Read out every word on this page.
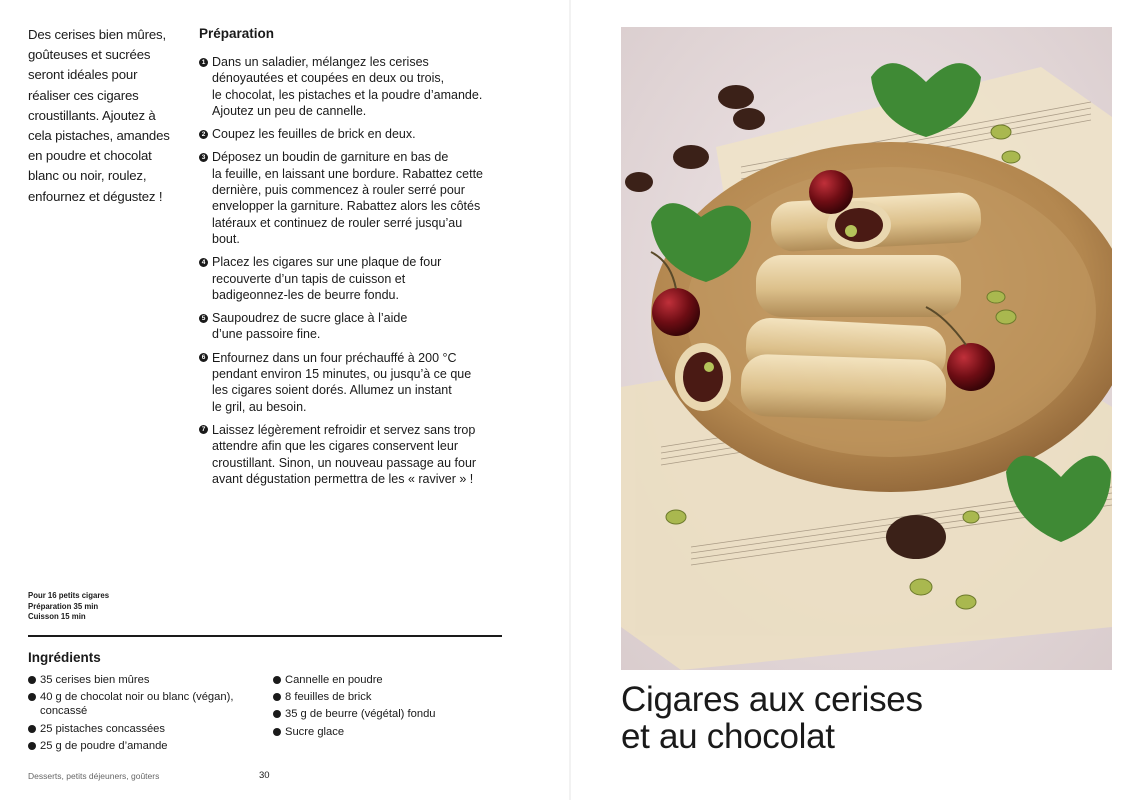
Des cerises bien mûres, goûteuses et sucrées seront idéales pour réaliser ces cigares croustillants. Ajoutez à cela pistaches, amandes en poudre et chocolat blanc ou noir, roulez, enfournez et dégustez !

Préparation
1 Dans un saladier, mélangez les cerises
dénoyautées et coupées en deux ou trois,
le chocolat, les pistaches et la poudre d’amande.
Ajoutez un peu de cannelle.
2 Coupez les feuilles de brick en deux.
3 Déposez un boudin de garniture en bas de
la feuille, en laissant une bordure. Rabattez cette
dernière, puis commencez à rouler serré pour
envelopper la garniture. Rabattez alors les côtés
latéraux et continuez de rouler serré jusqu’au
bout.
4 Placez les cigares sur une plaque de four
recouverte d’un tapis de cuisson et
badigeonnez-les de beurre fondu.
5 Saupoudrez de sucre glace à l’aide
d’une passoire fine.
6 Enfournez dans un four préchauffé à 200 °C
pendant environ 15 minutes, ou jusqu’à ce que
les cigares soient dorés. Allumez un instant
le gril, au besoin.
7 Laissez légèrement refroidir et servez sans trop
attendre afin que les cigares conservent leur
croustillant. Sinon, un nouveau passage au four
avant dégustation permettra de les « raviver » !
Pour 16 petits cigares
Préparation 35 min
Cuisson 15 min
Ingrédients
35 cerises bien mûres
40 g de chocolat noir ou blanc (végan),
concassé
25 pistaches concassées
25 g de poudre d’amande
Cannelle en poudre
8 feuilles de brick
35 g de beurre (végétal) fondu
Sucre glace
Desserts, petits déjeuners, goûters	30
Cigares aux cerises
et au chocolat
